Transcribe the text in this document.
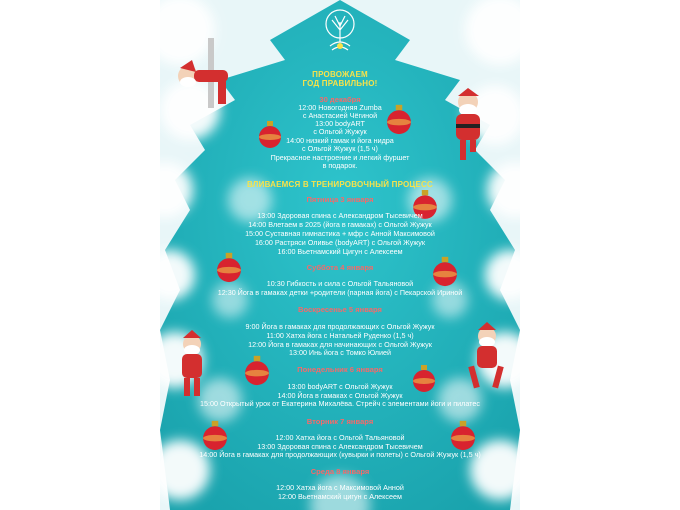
ПРОВОЖАЕМ
ГОД ПРАВИЛЬНО!
30 декабря
12:00 Новогодняя Zumba
с Анастасией Чёгиной
13:00 bodyART
с Ольгой Жужук
14:00 низкий гамак и йога нидра
с Ольгой Жужук (1,5 ч)
Прекрасное настроение и легкий фуршет
в подарок.
ВЛИВАЕМСЯ В ТРЕНИРОВОЧНЫЙ ПРОЦЕСС
Пятница 3 января
13:00 Здоровая спина с Александром Тысевичем
14:00 Влетаем в 2025 (йога в гамаках) с Ольгой Жужук
15:00 Суставная гимнастика + мфр с Анной Максимовой
16:00 Растряси Оливье (bodyART) с Ольгой Жужук
16:00 Вьетнамский Цигун с Алексеем
Суббота 4 января
10:30 Гибкость и сила с Ольгой Тальяновой
12:30 Йога в гамаках детки +родители (парная йога) с Пекарской Ириной
Воскресенье 5 января
9:00 Йога в гамаках для продолжающих с Ольгой Жужук
11:00 Хатха йога с Натальей Руденко (1,5 ч)
12:00 Йога в гамаках для начинающих с Ольгой Жужук
13:00 Инь йога с Томко Юлией
Понедельник 6 января
13:00 bodyART с Ольгой Жужук
14:00 Йога в гамаках с Ольгой Жужук
15:00 Открытый урок от Екатерина Михалёва. Стрейч с элементами йоги и пилатес
Вторник 7 января
12:00 Хатха йога с Ольгой Тальяновой
13:00 Здоровая спина с Александром Тысевичем
14:00 Йога в гамаках для продолжающих (кувырки и полеты) с Ольгой Жужук (1,5 ч)
Среда 8 января
12:00 Хатха йога с Максимовой Анной
12:00 Вьетнамский цигун с Алексеем
